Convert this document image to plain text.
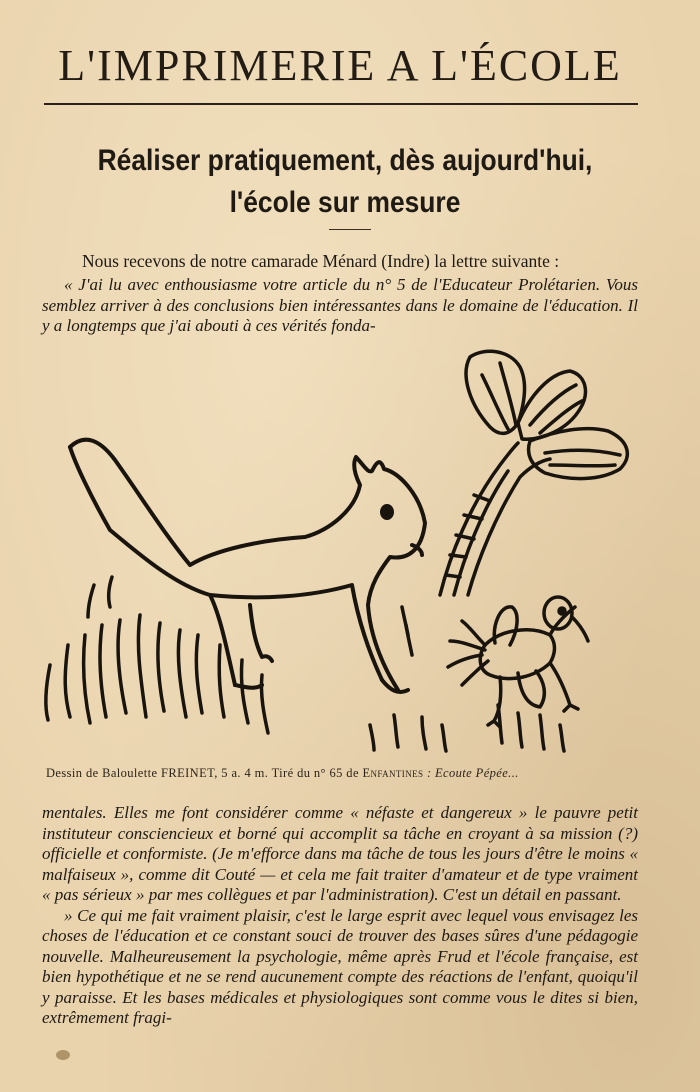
L'IMPRIMERIE A L'ÉCOLE
Réaliser pratiquement, dès aujourd'hui,
l'école sur mesure
Nous recevons de notre camarade Ménard (Indre) la lettre suivante :
« J'ai lu avec enthousiasme votre article du n° 5 de l'Educateur Prolétarien. Vous semblez arriver à des conclusions bien intéressantes dans le domaine de l'éducation. Il y a longtemps que j'ai abouti à ces vérités fonda-
Dessin de Baloulette FREINET, 5 a. 4 m. Tiré du n° 65 de Enfantines : Ecoute Pépée...
mentales. Elles me font considérer comme « néfaste et dangereux » le pauvre petit instituteur consciencieux et borné qui accomplit sa tâche en croyant à sa mission (?) officielle et conformiste. (Je m'efforce dans ma tâche de tous les jours d'être le moins « malfaiseux », comme dit Couté — et cela me fait traiter d'amateur et de type vraiment « pas sérieux » par mes collègues et par l'administration). C'est un détail en passant.
» Ce qui me fait vraiment plaisir, c'est le large esprit avec lequel vous envisagez les choses de l'éducation et ce constant souci de trouver des bases sûres d'une pédagogie nouvelle. Malheureusement la psychologie, même après Frud et l'école française, est bien hypothétique et ne se rend aucunement compte des réactions de l'enfant, quoiqu'il y paraisse. Et les bases médicales et physiologiques sont comme vous le dites si bien, extrêmement fragi-
